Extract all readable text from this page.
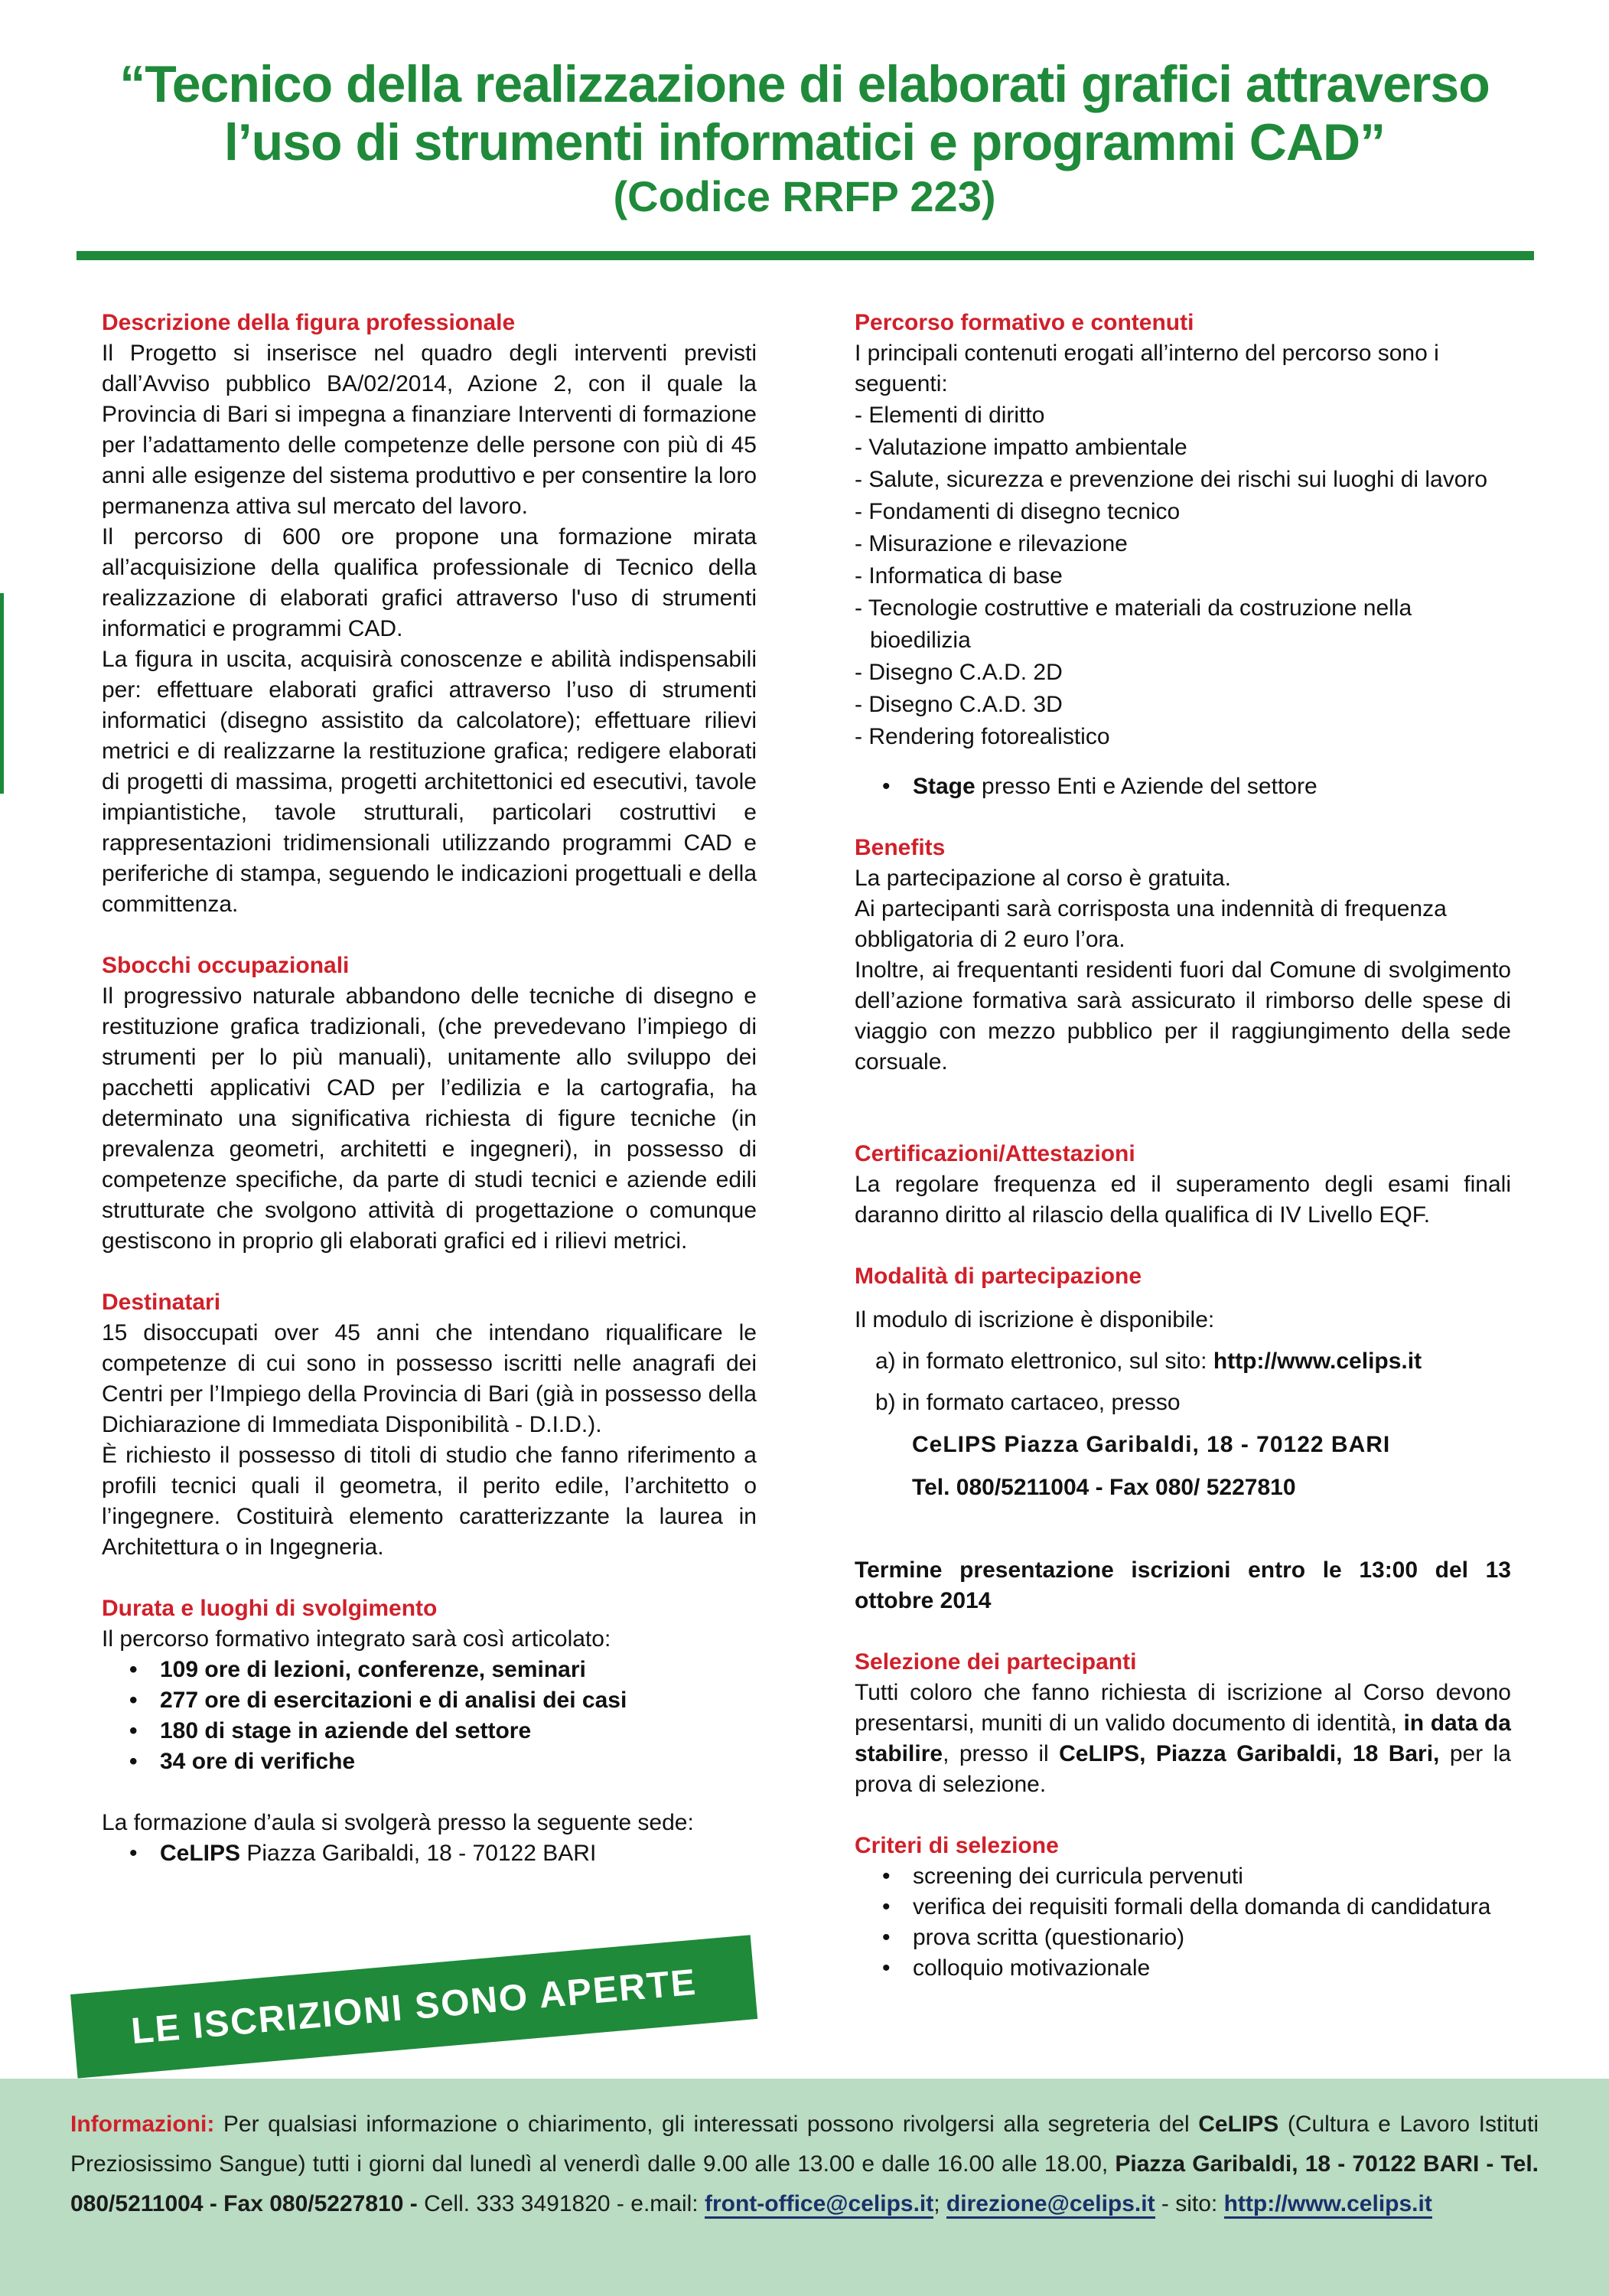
“Tecnico della realizzazione di elaborati grafici attraverso
l’uso di strumenti informatici e programmi CAD”
(Codice RRFP 223)
Descrizione della figura professionale
Il Progetto si inserisce nel quadro degli interventi previsti dall’Avviso pubblico BA/02/2014, Azione 2, con il quale la Provincia di Bari si impegna a finanziare Interventi di formazione per l’adattamento delle competenze delle persone con più di 45 anni alle esigenze del sistema produttivo e per consentire la loro permanenza attiva sul mercato del lavoro.
Il percorso di 600 ore propone una formazione mirata all’acquisizione della qualifica professionale di Tecnico della realizzazione di elaborati grafici attraverso l'uso di strumenti informatici e programmi CAD.
La figura in uscita, acquisirà conoscenze e abilità indispensabili per: effettuare elaborati grafici attraverso l’uso di strumenti informatici (disegno assistito da calcolatore); effettuare rilievi metrici e di realizzarne la restituzione grafica; redigere elaborati di progetti di massima, progetti architettonici ed esecutivi, tavole impiantistiche, tavole strutturali, particolari costruttivi e rappresentazioni tridimensionali utilizzando programmi CAD e periferiche di stampa, seguendo le indicazioni progettuali e della committenza.
Sbocchi occupazionali
Il progressivo naturale abbandono delle tecniche di disegno e restituzione grafica tradizionali, (che prevedevano l’impiego di strumenti per lo più manuali), unitamente allo sviluppo dei pacchetti applicativi CAD per l’edilizia e la cartografia, ha determinato una significativa richiesta di figure tecniche (in prevalenza geometri, architetti e ingegneri), in possesso di competenze specifiche, da parte di studi tecnici e aziende edili strutturate che svolgono attività di progettazione o comunque gestiscono in proprio gli elaborati grafici ed i rilievi metrici.
Destinatari
15 disoccupati over 45 anni che intendano riqualificare le competenze di cui sono in possesso iscritti nelle anagrafi dei Centri per l’Impiego della Provincia di Bari (già in possesso della Dichiarazione di Immediata Disponibilità - D.I.D.).
È richiesto il possesso di titoli di studio che fanno riferimento a profili tecnici quali il geometra, il perito edile, l’architetto o l’ingegnere. Costituirà elemento caratterizzante la laurea in Architettura o in Ingegneria.
Durata e luoghi di svolgimento
Il percorso formativo integrato sarà così articolato:
• 109 ore di lezioni, conferenze, seminari
• 277 ore di esercitazioni e di analisi dei casi
• 180 di stage in aziende del settore
• 34 ore di verifiche
La formazione d’aula si svolgerà presso la seguente sede:
• CeLIPS Piazza Garibaldi, 18 - 70122 BARI
Percorso formativo e contenuti
I principali contenuti erogati all’interno del percorso sono i seguenti:
- Elementi di diritto
- Valutazione impatto ambientale
- Salute, sicurezza e prevenzione dei rischi sui luoghi di lavoro
- Fondamenti di disegno tecnico
- Misurazione e rilevazione
- Informatica di base
- Tecnologie costruttive e materiali da costruzione nella bioedilizia
- Disegno C.A.D. 2D
- Disegno C.A.D. 3D
- Rendering fotorealistico
• Stage presso Enti e Aziende del settore
Benefits
La partecipazione al corso è gratuita.
Ai partecipanti sarà corrisposta una indennità di frequenza obbligatoria di 2 euro l’ora.
Inoltre, ai frequentanti residenti fuori dal Comune di svolgimento dell’azione formativa sarà assicurato il rimborso delle spese di viaggio con mezzo pubblico per il raggiungimento della sede corsuale.
Certificazioni/Attestazioni
La regolare frequenza ed il superamento degli esami finali daranno diritto al rilascio della qualifica di IV Livello EQF.
Modalità di partecipazione
Il modulo di iscrizione è disponibile:
a) in formato elettronico, sul sito: http://www.celips.it
b) in formato cartaceo, presso
CeLIPS Piazza Garibaldi, 18 - 70122 BARI
Tel. 080/5211004 - Fax 080/ 5227810
Termine presentazione iscrizioni entro le 13:00 del 13 ottobre 2014
Selezione dei partecipanti
Tutti coloro che fanno richiesta di iscrizione al Corso devono presentarsi, muniti di un valido documento di identità, in data da stabilire, presso il CeLIPS, Piazza Garibaldi, 18 Bari, per la prova di selezione.
Criteri di selezione
• screening dei curricula pervenuti
• verifica dei requisiti formali della domanda di candidatura
• prova scritta (questionario)
• colloquio motivazionale
LE ISCRIZIONI SONO APERTE
Informazioni: Per qualsiasi informazione o chiarimento, gli interessati possono rivolgersi alla segreteria del CeLIPS (Cultura e Lavoro Istituti Preziosissimo Sangue) tutti i giorni dal lunedì al venerdì dalle 9.00 alle 13.00 e dalle 16.00 alle 18.00, Piazza Garibaldi, 18 - 70122 BARI - Tel. 080/5211004 - Fax 080/5227810 - Cell. 333 3491820 - e.mail: front-office@celips.it; direzione@celips.it - sito: http://www.celips.it
